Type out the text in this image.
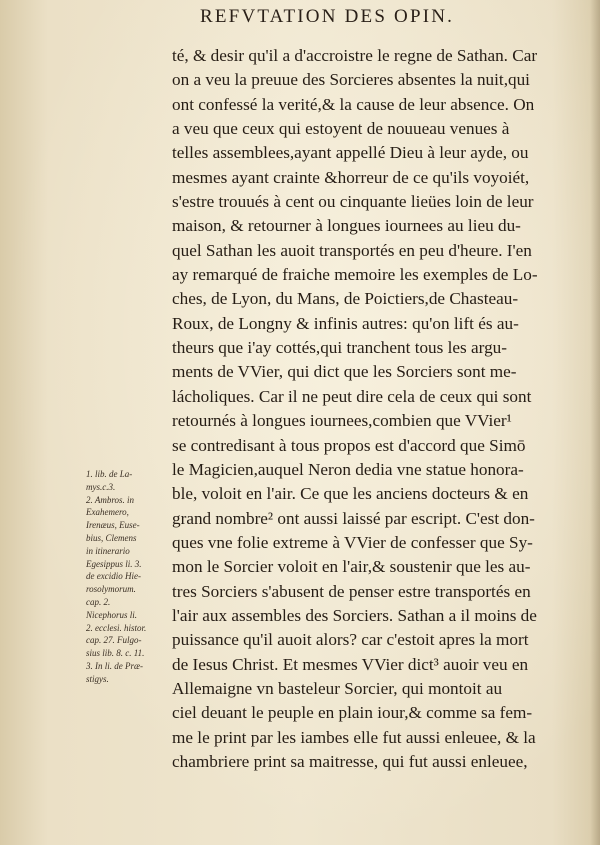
REFVTATION DES OPIN.
té, & desir qu'il a d'accroistre le regne de Sathan. Car
on a veu la preuue des Sorcieres absentes la nuit,qui
ont confessé la verité,& la cause de leur absence. On
a veu que ceux qui estoyent de nouueau venues à
telles assemblees,ayant appellé Dieu à leur ayde, ou
mesmes ayant crainte &horreur de ce qu'ils voyoiét,
s'estre trouués à cent ou cinquante lieües loin de leur
maison, & retourner à longues iournees au lieu du-
quel Sathan les auoit transportés en peu d'heure. I'en
ay remarqué de fraiche memoire les exemples de Lo-
ches, de Lyon, du Mans, de Poictiers,de Chasteau-
Roux, de Longny & infinis autres: qu'on lift és au-
theurs que i'ay cottés,qui tranchent tous les argu-
ments de VVier, qui dict que les Sorciers sont me-
lácholiques. Car il ne peut dire cela de ceux qui sont
retournés à longues iournees,combien que VVier¹
se contredisant à tous propos est d'accord que Simō
le Magicien,auquel Neron dedia vne statue honora-
ble, voloit en l'air. Ce que les anciens docteurs & en
grand nombre² ont aussi laissé par escript. C'est don-
ques vne folie extreme à VVier de confesser que Sy-
mon le Sorcier voloit en l'air,& soustenir que les au-
tres Sorciers s'abusent de penser estre transportés en
l'air aux assembles des Sorciers. Sathan a il moins de
puissance qu'il auoit alors? car c'estoit apres la mort
de Iesus Christ. Et mesmes VVier dict³ auoir veu en
Allemaigne vn basteleur Sorcier, qui montoit au
ciel deuant le peuple en plain iour,& comme sa fem-
me le print par les iambes elle fut aussi enleuee, & la
chambriere print sa maitresse, qui fut aussi enleuee,
1. lib. de La-
mys.c.3.
2. Ambros. in
Exahemero,
Irenæus, Euse-
bius, Clemens
in itinerario
Egesippus li. 3.
de excidio Hie-
rosolymorum.
cap. 2.
Nicephorus li.
2. ecclesi. histor.
cap. 27. Fulgo-
sius lib. 8. c. 11.
3. In li. de Præ-
stigys.
